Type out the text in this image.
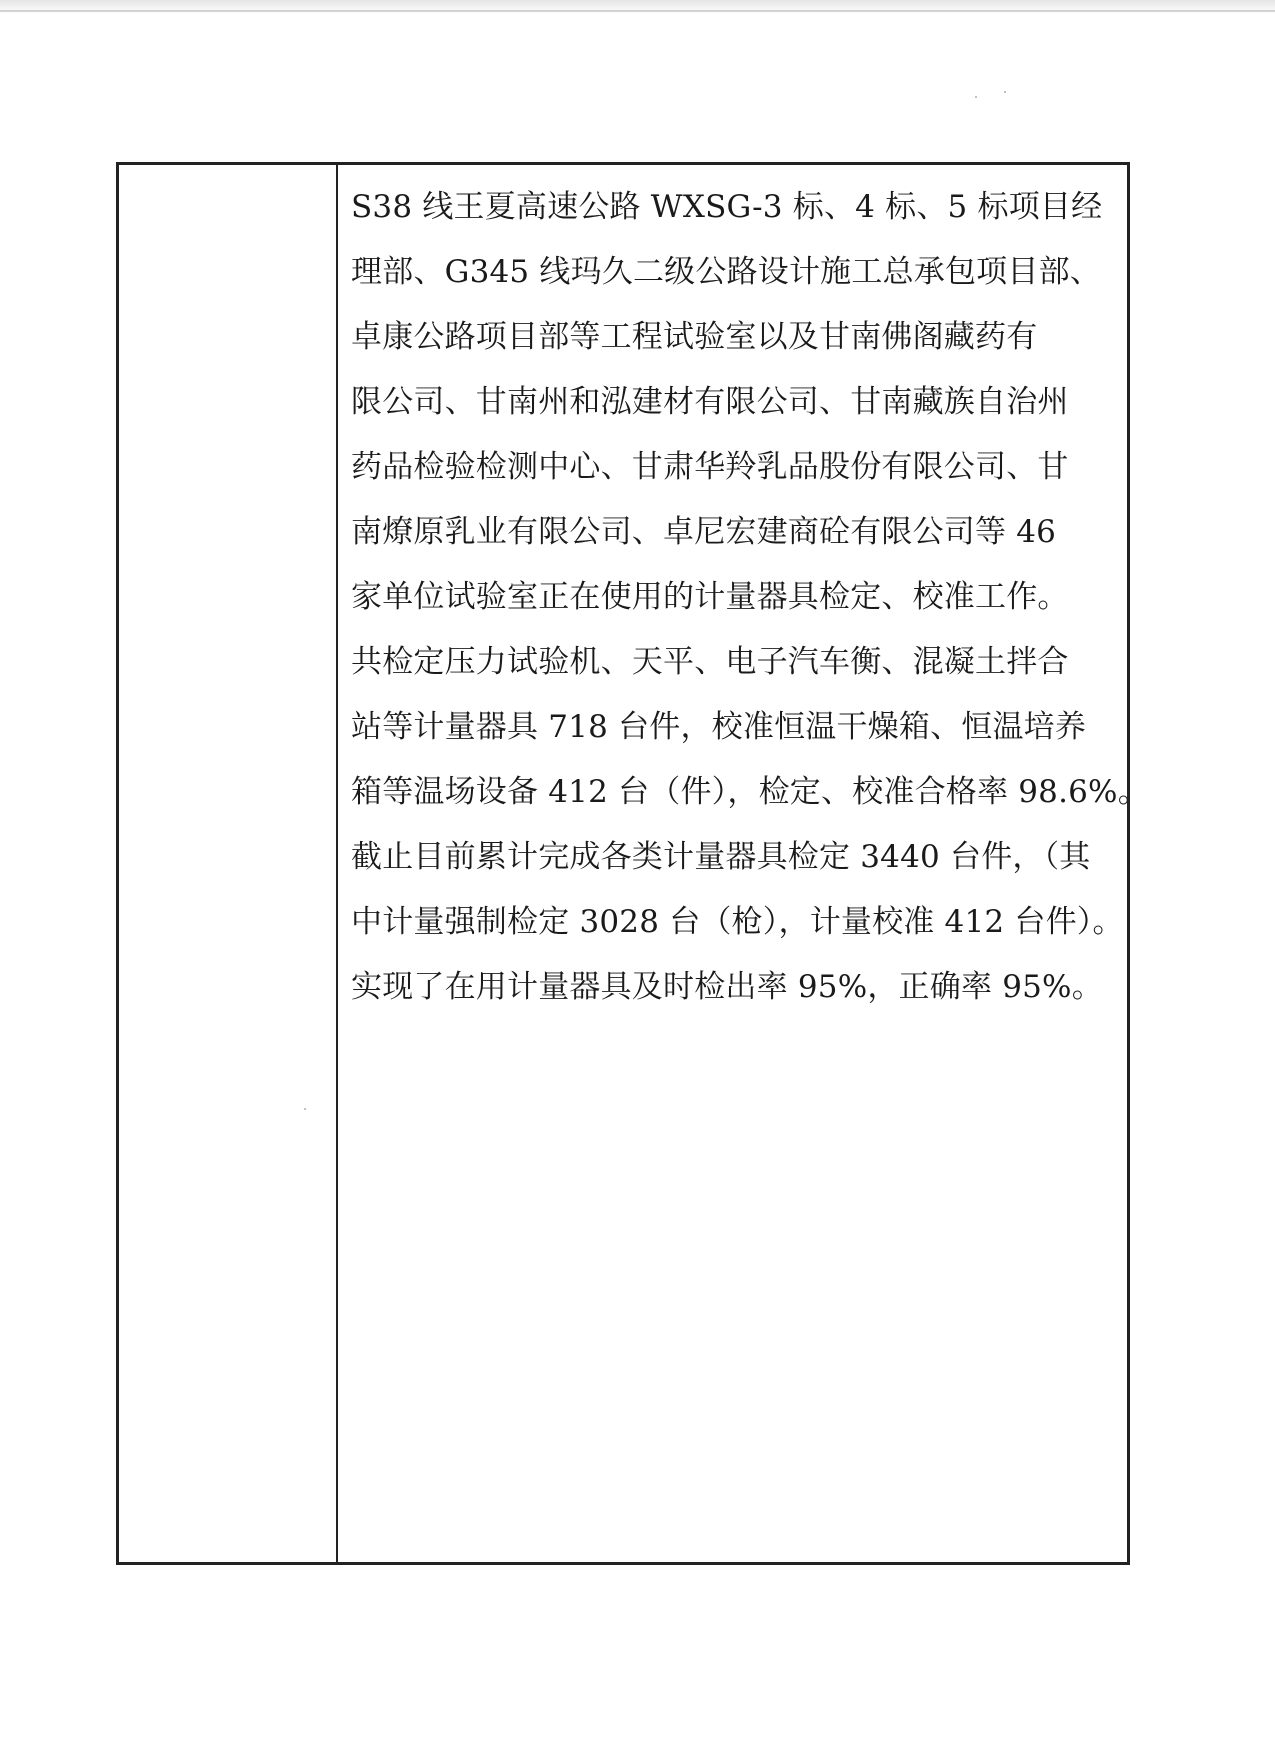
S38 线王夏高速公路 WXSG-3 标、4 标、5 标项目经
理部、G345 线玛久二级公路设计施工总承包项目部、
卓康公路项目部等工程试验室以及甘南佛阁藏药有
限公司、甘南州和泓建材有限公司、甘南藏族自治州
药品检验检测中心、甘肃华羚乳品股份有限公司、甘
南燎原乳业有限公司、卓尼宏建商砼有限公司等 46
家单位试验室正在使用的计量器具检定、校准工作。
共检定压力试验机、天平、电子汽车衡、混凝土拌合
站等计量器具 718 台件，校准恒温干燥箱、恒温培养
箱等温场设备 412 台（件），检定、校准合格率 98.6%。
截止目前累计完成各类计量器具检定 3440 台件，（其
中计量强制检定 3028 台（枪），计量校准 412 台件）。
实现了在用计量器具及时检出率 95%，正确率 95%。
